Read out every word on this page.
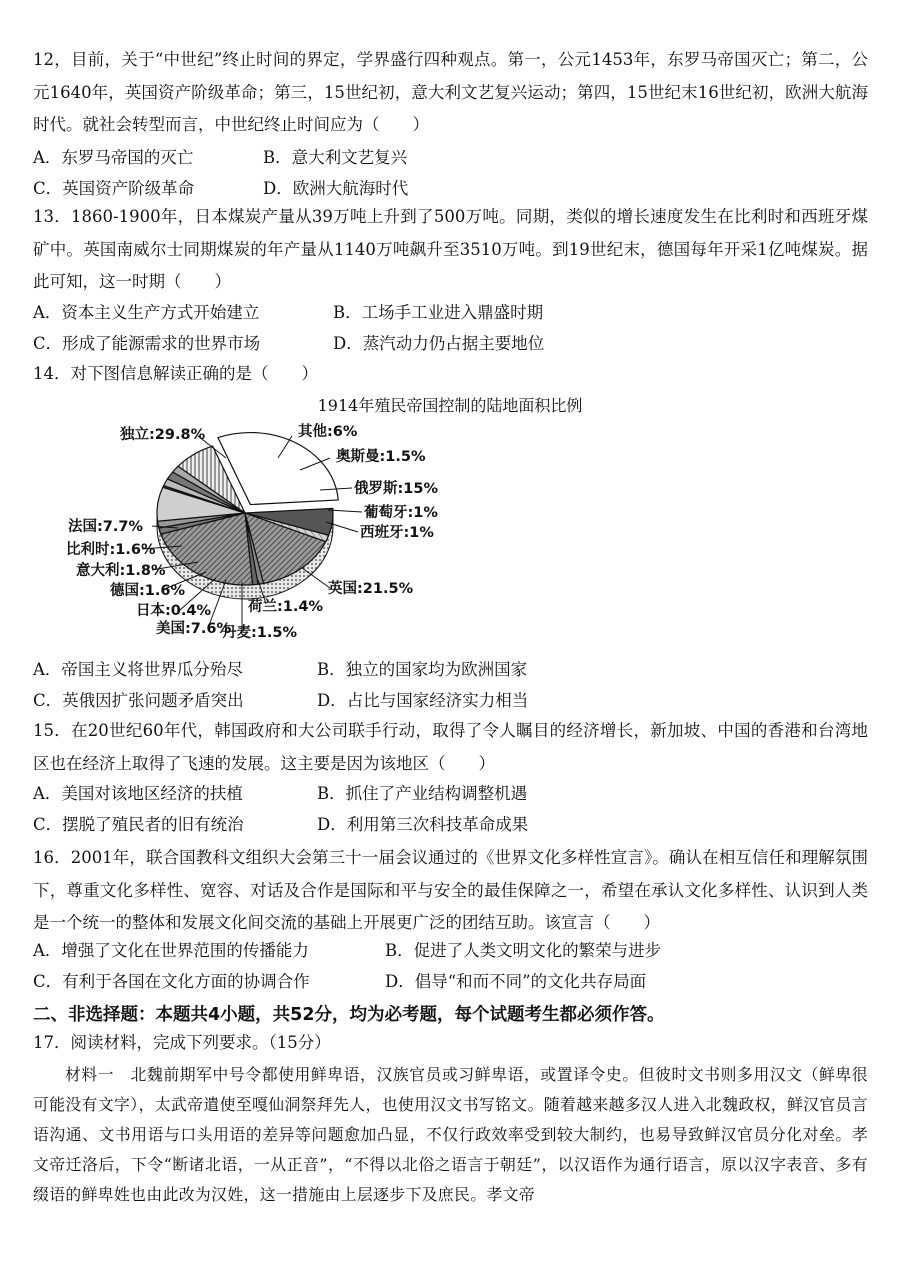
12，目前，关于“中世纪”终止时间的界定，学界盛行四种观点。第一，公元1453年，东罗马帝国灭亡；第二，公元1640年，英国资产阶级革命；第三，15世纪初，意大利文艺复兴运动；第四，15世纪末16世纪初，欧洲大航海时代。就社会转型而言，中世纪终止时间应为（　　）
A．东罗马帝国的灭亡	B．意大利文艺复兴
C．英国资产阶级革命	D．欧洲大航海时代
13．1860-1900年，日本煤炭产量从39万吨上升到了500万吨。同期，类似的增长速度发生在比利时和西班牙煤矿中。英国南威尔士同期煤炭的年产量从1140万吨飙升至3510万吨。到19世纪末，德国每年开采1亿吨煤炭。据此可知，这一时期（　　）
A．资本主义生产方式开始建立	B．工场手工业进入鼎盛时期
C．形成了能源需求的世界市场	D．蒸汽动力仍占据主要地位
14．对下图信息解读正确的是（　　）
1914年殖民帝国控制的陆地面积比例
独立:29.8%	其他:6%
奥斯曼:1.5%
俄罗斯:15%
葡萄牙:1%
西班牙:1%
英国:21.5%
荷兰:1.4%
丹麦:1.5%
美国:7.6%
日本:0.4%
德国:1.6%
意大利:1.8%
比利时:1.6%
法国:7.7%
A．帝国主义将世界瓜分殆尽	B．独立的国家均为欧洲国家
C．英俄因扩张问题矛盾突出	D．占比与国家经济实力相当
15．在20世纪60年代，韩国政府和大公司联手行动，取得了令人瞩目的经济增长，新加坡、中国的香港和台湾地区也在经济上取得了飞速的发展。这主要是因为该地区（　　）
A．美国对该地区经济的扶植	B．抓住了产业结构调整机遇
C．摆脱了殖民者的旧有统治	D．利用第三次科技革命成果
16．2001年，联合国教科文组织大会第三十一届会议通过的《世界文化多样性宣言》。确认在相互信任和理解氛围下，尊重文化多样性、宽容、对话及合作是国际和平与安全的最佳保障之一，希望在承认文化多样性、认识到人类是一个统一的整体和发展文化间交流的基础上开展更广泛的团结互助。该宣言（　　）
A．增强了文化在世界范围的传播能力	B．促进了人类文明文化的繁荣与进步
C．有利于各国在文化方面的协调合作	D．倡导“和而不同”的文化共存局面
二、非选择题：本题共4小题，共52分，均为必考题，每个试题考生都必须作答。
17．阅读材料，完成下列要求。（15分）
材料一　北魏前期军中号令都使用鲜卑语，汉族官员或习鲜卑语，或置译令史。但彼时文书则多用汉文（鲜卑很可能没有文字），太武帝遣使至嘎仙洞祭拜先人，也使用汉文书写铭文。随着越来越多汉人进入北魏政权，鲜汉官员言语沟通、文书用语与口头用语的差异等问题愈加凸显，不仅行政效率受到较大制约，也易导致鲜汉官员分化对垒。孝文帝迁洛后，下令“断诸北语，一从正音”，“不得以北俗之语言于朝廷”，以汉语作为通行语言，原以汉字表音、多有缀语的鲜卑姓也由此改为汉姓，这一措施由上层逐步下及庶民。孝文帝
